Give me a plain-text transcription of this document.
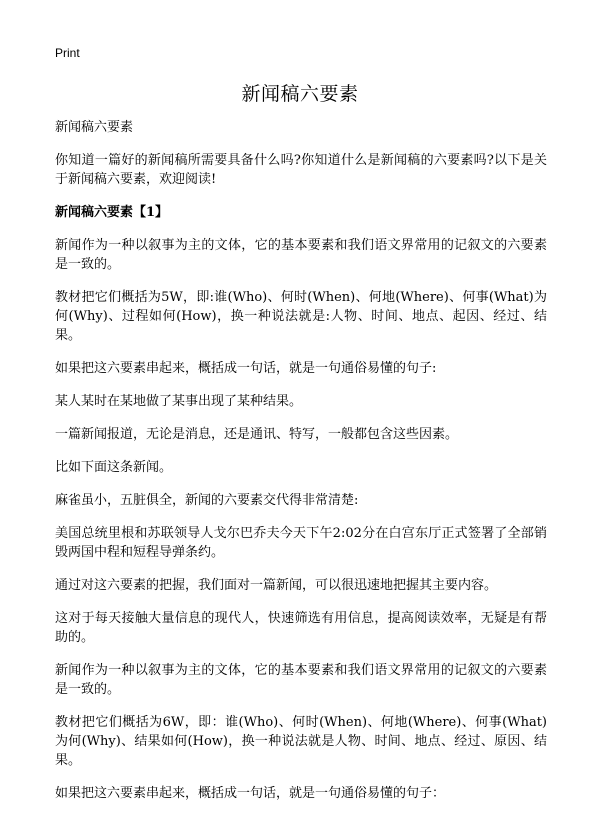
Print
新闻稿六要素

新闻稿六要素

你知道一篇好的新闻稿所需要具备什么吗?你知道什么是新闻稿的六要素吗?以下是关于新闻稿六要素，欢迎阅读!

新闻稿六要素【1】

新闻作为一种以叙事为主的文体，它的基本要素和我们语文界常用的记叙文的六要素是一致的。

教材把它们概括为5W，即:谁(Who)、何时(When)、何地(Where)、何事(What)为何(Why)、过程如何(How)，换一种说法就是:人物、时间、地点、起因、经过、结果。

如果把这六要素串起来，概括成一句话，就是一句通俗易懂的句子:

某人某时在某地做了某事出现了某种结果。

一篇新闻报道，无论是消息，还是通讯、特写，一般都包含这些因素。

比如下面这条新闻。

麻雀虽小，五脏俱全，新闻的六要素交代得非常清楚:

美国总统里根和苏联领导人戈尔巴乔夫今天下午2:02分在白宫东厅正式签署了全部销毁两国中程和短程导弹条约。

通过对这六要素的把握，我们面对一篇新闻，可以很迅速地把握其主要内容。

这对于每天接触大量信息的现代人，快速筛选有用信息，提高阅读效率，无疑是有帮助的。

新闻作为一种以叙事为主的文体，它的基本要素和我们语文界常用的记叙文的六要素是一致的。

教材把它们概括为6W，即：谁(Who)、何时(When)、何地(Where)、何事(What)为何(Why)、结果如何(How)，换一种说法就是人物、时间、地点、经过、原因、结果。

如果把这六要素串起来，概括成一句话，就是一句通俗易懂的句子：
